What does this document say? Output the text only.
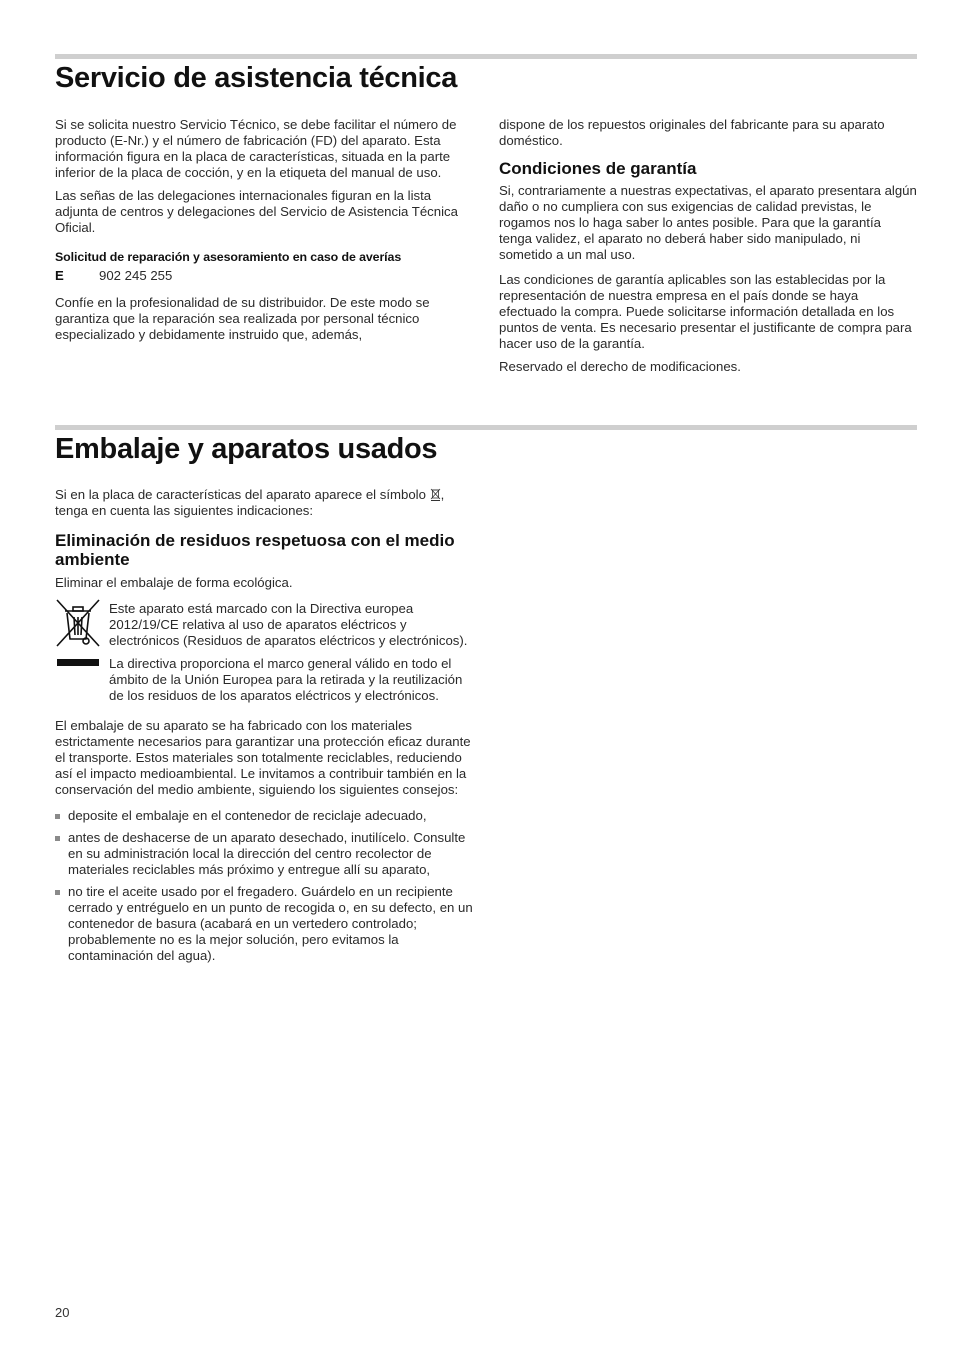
Servicio de asistencia técnica

Si se solicita nuestro Servicio Técnico, se debe facilitar el número de producto (E-Nr.) y el número de fabricación (FD) del aparato. Esta información figura en la placa de características, situada en la parte inferior de la placa de cocción, y en la etiqueta del manual de uso.

Las señas de las delegaciones internacionales figuran en la lista adjunta de centros y delegaciones del Servicio de Asistencia Técnica Oficial.

Solicitud de reparación y asesoramiento en caso de averías
E	902 245 255

Confíe en la profesionalidad de su distribuidor. De este modo se garantiza que la reparación sea realizada por personal técnico especializado y debidamente instruido que, además,

dispone de los repuestos originales del fabricante para su aparato doméstico.

Condiciones de garantía

Si, contrariamente a nuestras expectativas, el aparato presentara algún daño o no cumpliera con sus exigencias de calidad previstas, le rogamos nos lo haga saber lo antes posible. Para que la garantía tenga validez, el aparato no deberá haber sido manipulado, ni sometido a un mal uso.

Las condiciones de garantía aplicables son las establecidas por la representación de nuestra empresa en el país donde se haya efectuado la compra. Puede solicitarse información detallada en los puntos de venta. Es necesario presentar el justificante de compra para hacer uso de la garantía.

Reservado el derecho de modificaciones.

Embalaje y aparatos usados

Si en la placa de características del aparato aparece el símbolo , tenga en cuenta las siguientes indicaciones:

Eliminación de residuos respetuosa con el medio ambiente

Eliminar el embalaje de forma ecológica.

Este aparato está marcado con la Directiva europea 2012/19/CE relativa al uso de aparatos eléctricos y electrónicos (Residuos de aparatos eléctricos y electrónicos).

La directiva proporciona el marco general válido en todo el ámbito de la Unión Europea para la retirada y la reutilización de los residuos de los aparatos eléctricos y electrónicos.

El embalaje de su aparato se ha fabricado con los materiales estrictamente necesarios para garantizar una protección eficaz durante el transporte. Estos materiales son totalmente reciclables, reduciendo así el impacto medioambiental. Le invitamos a contribuir también en la conservación del medio ambiente, siguiendo los siguientes consejos:

deposite el embalaje en el contenedor de reciclaje adecuado,
antes de deshacerse de un aparato desechado, inutilícelo. Consulte en su administración local la dirección del centro recolector de materiales reciclables más próximo y entregue allí su aparato,
no tire el aceite usado por el fregadero. Guárdelo en un recipiente cerrado y entréguelo en un punto de recogida o, en su defecto, en un contenedor de basura (acabará en un vertedero controlado; probablemente no es la mejor solución, pero evitamos la contaminación del agua).
20
